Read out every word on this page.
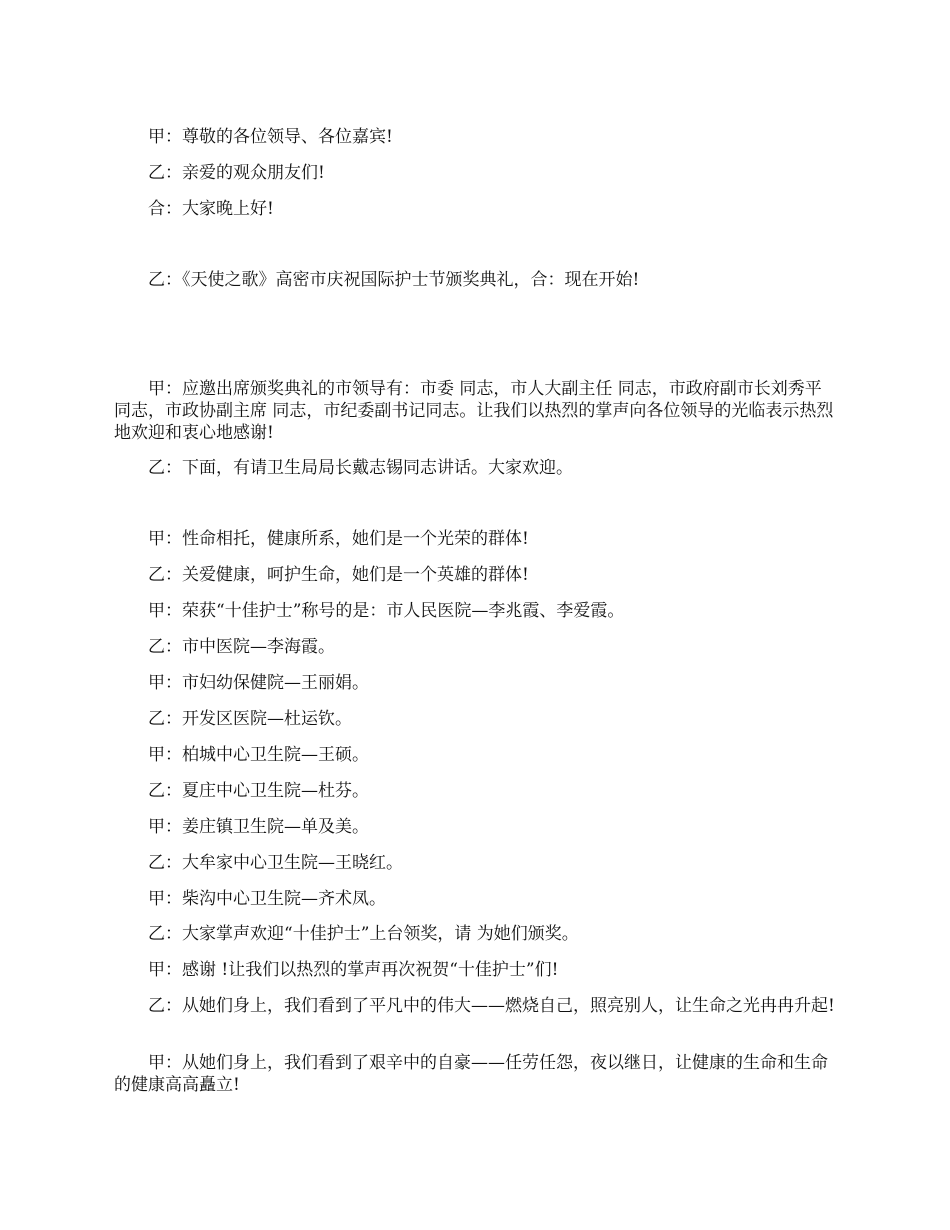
甲：尊敬的各位领导、各位嘉宾!

乙：亲爱的观众朋友们!

合：大家晚上好!

乙：《天使之歌》高密市庆祝国际护士节颁奖典礼，合：现在开始!

甲：应邀出席颁奖典礼的市领导有：市委 同志，市人大副主任 同志，市政府副市长刘秀平同志，市政协副主席 同志，市纪委副书记同志。让我们以热烈的掌声向各位领导的光临表示热烈地欢迎和衷心地感谢!

乙：下面，有请卫生局局长戴志锡同志讲话。大家欢迎。

甲：性命相托，健康所系，她们是一个光荣的群体!

乙：关爱健康，呵护生命，她们是一个英雄的群体!

甲：荣获“十佳护士”称号的是：市人民医院—李兆霞、李爱霞。

乙：市中医院—李海霞。

甲：市妇幼保健院—王丽娟。

乙：开发区医院—杜运钦。

甲：柏城中心卫生院—王硕。

乙：夏庄中心卫生院—杜芬。

甲：姜庄镇卫生院—单及美。

乙：大牟家中心卫生院—王晓红。

甲：柴沟中心卫生院—齐术凤。

乙：大家掌声欢迎“十佳护士”上台领奖，请 为她们颁奖。

甲：感谢 !让我们以热烈的掌声再次祝贺“十佳护士”们!

乙：从她们身上，我们看到了平凡中的伟大——燃烧自己，照亮别人，让生命之光冉冉升起!

甲：从她们身上，我们看到了艰辛中的自豪——任劳任怨，夜以继日，让健康的生命和生命的健康高高矗立!
